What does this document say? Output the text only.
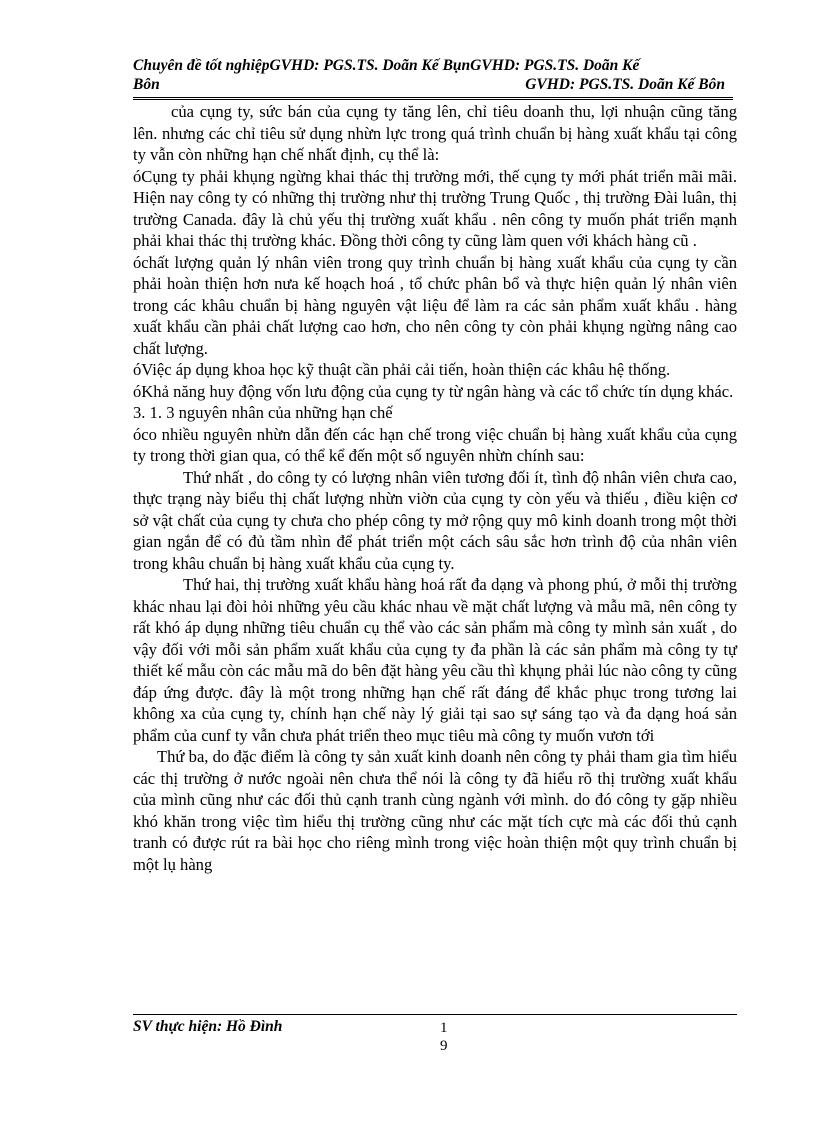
Chuyên đề tốt nghiệpGVHD: PGS.TS. Doãn Kế BụnGVHD: PGS.TS. Doãn Kế
Bôn	GVHD: PGS.TS. Doãn Kế Bôn

của cụng ty, sức bán của cụng ty tăng lên, chỉ tiêu doanh thu, lợi nhuận cũng tăng lên. nhưng các chỉ tiêu sử dụng nhừn lực trong quá trình chuẩn bị hàng xuất khẩu tại công ty vẫn còn những hạn chế nhất định, cụ thể là:

óCụng ty phải khụng ngừng khai thác thị trường mới, thế cụng ty mới phát triển mãi mãi. Hiện nay công ty có những thị trường như thị trường Trung Quốc , thị trường Đài luân, thị trường Canada. đây là chủ yếu thị trường xuất khẩu . nên công ty muốn phát triển mạnh phải khai thác thị trường khác. Đồng thời công ty cũng làm quen với khách hàng cũ .

óchất lượng quản lý nhân viên trong quy trình chuẩn bị hàng xuất khẩu của cụng ty cần phải hoàn thiện hơn nưa kế hoạch hoá , tổ chức phân bổ và thực hiện quản lý nhân viên trong các khâu chuẩn bị hàng nguyên vật liệu để làm ra các sản phẩm xuất khẩu . hàng xuất khẩu cần phải chất lượng cao hơn, cho nên công ty còn phải khụng ngừng nâng cao chất lượng.

óViệc áp dụng khoa học kỹ thuật cần phải cải tiến, hoàn thiện các khâu hệ thống.

óKhả năng huy động vốn lưu động của cụng ty từ ngân hàng và các tổ chức tín dụng khác.

3. 1. 3 nguyên nhân của những hạn chế

óco nhiều nguyên nhừn dẫn đến các hạn chế trong việc chuẩn bị hàng xuất khẩu của cụng ty trong thời gian qua, có thể kể đến một số nguyên nhừn chính sau:

Thứ nhất , do công ty có lượng nhân viên tương đối ít, tình độ nhân viên chưa cao, thực trạng này biểu thị chất lượng nhừn viờn của cụng ty còn yếu và thiếu , điều kiện cơ sở vật chất của cụng ty chưa cho phép công ty mở rộng quy mô kinh doanh trong một thời gian ngắn để có đủ tầm nhìn để phát triển một cách sâu sắc hơn trình độ của nhân viên trong khâu chuẩn bị hàng xuất khẩu của cụng ty.

Thứ hai, thị trường xuất khẩu hàng hoá rất đa dạng và phong phú, ở mỗi thị trường khác nhau lại đòi hỏi những yêu cầu khác nhau về mặt chất lượng và mẫu mã, nên công ty rất khó áp dụng những tiêu chuẩn cụ thể vào các sản phẩm mà công ty mình sản xuất , do vậy đối với mỗi sản phẩm xuất khẩu của cụng ty đa phần là các sản phẩm mà công ty tự thiết kế mẫu còn các mẫu mã do bên đặt hàng yêu cầu thì khụng phải lúc nào công ty cũng đáp ứng được. đây là một trong những hạn chế rất đáng để khắc phục trong tương lai không xa của cụng ty, chính hạn chế này lý giải tại sao sự sáng tạo và đa dạng hoá sản phẩm của cunf ty vẫn chưa phát triển theo mục tiêu mà công ty muốn vươn tới

Thứ ba, do đặc điểm là công ty sản xuất kinh doanh nên công ty phải tham gia tìm hiểu các thị trường ở nước ngoài nên chưa thể nói là công ty đã hiểu rõ thị trường xuất khẩu của mình cũng như các đối thủ cạnh tranh cùng ngành với mình. do đó công ty gặp nhiều khó khăn trong việc tìm hiểu thị trường cũng như các mặt tích cực mà các đối thủ cạnh tranh có được rút ra bài học cho riêng mình trong việc hoàn thiện một quy trình chuẩn bị một lụ hàng

SV thực hiện: Hồ Đình	1
9
